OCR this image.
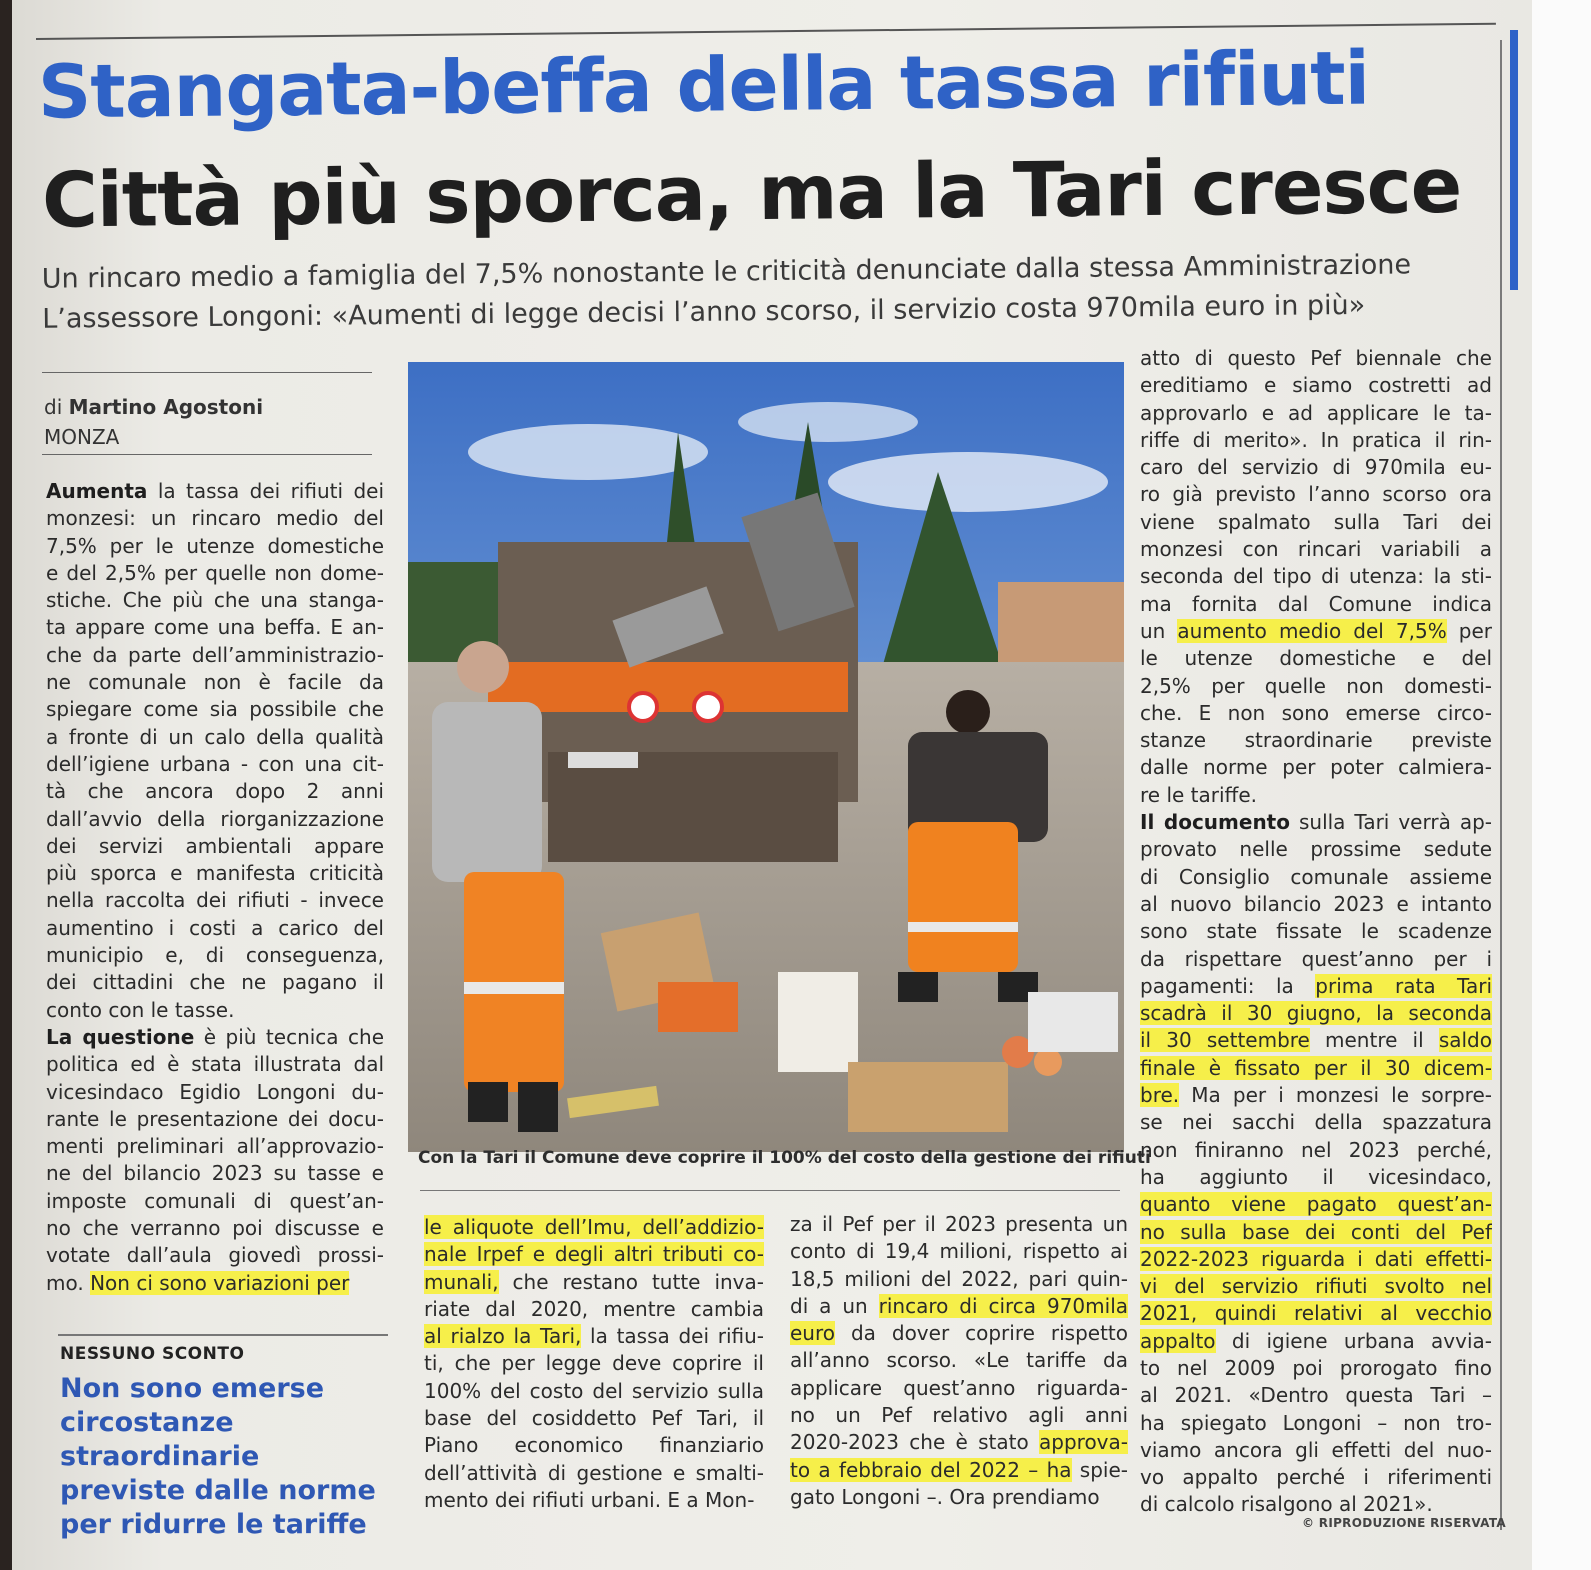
Stangata-beffa della tassa rifiuti
Città più sporca, ma la Tari cresce
Un rincaro medio a famiglia del 7,5% nonostante le criticità denunciate dalla stessa Amministrazione
L’assessore Longoni: «Aumenti di legge decisi l’anno scorso, il servizio costa 970mila euro in più»
di Martino Agostoni
MONZA
Aumenta la tassa dei rifiuti dei
monzesi: un rincaro medio del
7,5% per le utenze domestiche
e del 2,5% per quelle non dome-
stiche. Che più che una stanga-
ta appare come una beffa. E an-
che da parte dell’amministrazio-
ne comunale non è facile da
spiegare come sia possibile che
a fronte di un calo della qualità
dell’igiene urbana - con una cit-
tà che ancora dopo 2 anni
dall’avvio della riorganizzazione
dei servizi ambientali appare
più sporca e manifesta criticità
nella raccolta dei rifiuti - invece
aumentino i costi a carico del
municipio e, di conseguenza,
dei cittadini che ne pagano il
conto con le tasse.
La questione è più tecnica che
politica ed è stata illustrata dal
vicesindaco Egidio Longoni du-
rante le presentazione dei docu-
menti preliminari all’approvazio-
ne del bilancio 2023 su tasse e
imposte comunali di quest’an-
no che verranno poi discusse e
votate dall’aula giovedì prossi-
mo. Non ci sono variazioni per
Con la Tari il Comune deve coprire il 100% del costo della gestione dei rifiuti
le aliquote dell’Imu, dell’addizio-
nale Irpef e degli altri tributi co-
munali, che restano tutte inva-
riate dal 2020, mentre cambia
al rialzo la Tari, la tassa dei rifiu-
ti, che per legge deve coprire il
100% del costo del servizio sulla
base del cosiddetto Pef Tari, il
Piano economico finanziario
dell’attività di gestione e smalti-
mento dei rifiuti urbani. E a Mon-
za il Pef per il 2023 presenta un
conto di 19,4 milioni, rispetto ai
18,5 milioni del 2022, pari quin-
di a un rincaro di circa 970mila
euro da dover coprire rispetto
all’anno scorso. «Le tariffe da
applicare quest’anno riguarda-
no un Pef relativo agli anni
2020-2023 che è stato approva-
to a febbraio del 2022 – ha spie-
gato Longoni –. Ora prendiamo
atto di questo Pef biennale che
ereditiamo e siamo costretti ad
approvarlo e ad applicare le ta-
riffe di merito». In pratica il rin-
caro del servizio di 970mila eu-
ro già previsto l’anno scorso ora
viene spalmato sulla Tari dei
monzesi con rincari variabili a
seconda del tipo di utenza: la sti-
ma fornita dal Comune indica
un aumento medio del 7,5% per
le utenze domestiche e del
2,5% per quelle non domesti-
che. E non sono emerse circo-
stanze straordinarie previste
dalle norme per poter calmiera-
re le tariffe.
Il documento sulla Tari verrà ap-
provato nelle prossime sedute
di Consiglio comunale assieme
al nuovo bilancio 2023 e intanto
sono state fissate le scadenze
da rispettare quest’anno per i
pagamenti: la prima rata Tari
scadrà il 30 giugno, la seconda
il 30 settembre mentre il saldo
finale è fissato per il 30 dicem-
bre. Ma per i monzesi le sorpre-
se nei sacchi della spazzatura
non finiranno nel 2023 perché,
ha aggiunto il vicesindaco,
quanto viene pagato quest’an-
no sulla base dei conti del Pef
2022-2023 riguarda i dati effetti-
vi del servizio rifiuti svolto nel
2021, quindi relativi al vecchio
appalto di igiene urbana avvia-
to nel 2009 poi prorogato fino
al 2021. «Dentro questa Tari –
ha spiegato Longoni – non tro-
viamo ancora gli effetti del nuo-
vo appalto perché i riferimenti
di calcolo risalgono al 2021».
NESSUNO SCONTO
Non sono emerse
circostanze
straordinarie
previste dalle norme
per ridurre le tariffe	© RIPRODUZIONE RISERVATA
